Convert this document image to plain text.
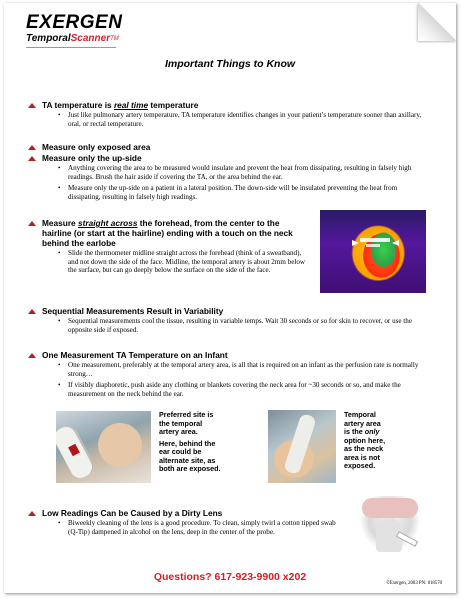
EXERGEN
TemporalScanner™
Important Things to Know
TA temperature is real time temperature
• Just like pulmonary artery temperature, TA temperature identifies changes in your patient’s temperature sooner than axillary, oral, or rectal temperature.
Measure only exposed area
Measure only the up-side
• Anything covering the area to be measured would insulate and prevent the heat from dissipating, resulting in falsely high readings. Brush the hair aside if covering the TA, or the area behind the ear.
• Measure only the up-side on a patient in a lateral position. The down-side will be insulated preventing the heat from dissipating, resulting in falsely high readings.
Measure straight across the forehead, from the center to the hairline (or start at the hairline) ending with a touch on the neck behind the earlobe
• Slide the thermometer midline straight across the forehead (think of a sweatband), and not down the side of the face. Midline, the temporal artery is about 2mm below the surface, but can go deeply below the surface on the side of the face.
Sequential Measurements Result in Variability
• Sequential measurements cool the tissue, resulting in variable temps. Wait 30 seconds or so for skin to recover, or use the opposite side if exposed.
One Measurement TA Temperature on an Infant
• One measurement, preferably at the temporal artery area, is all that is required on an infant as the perfusion rate is normally strong…
• If visibly diaphoretic, push aside any clothing or blankets covering the neck area for ~30 seconds or so, and make the measurement on the neck behind the ear.
Preferred site is
the temporal
artery area.
Here, behind the
ear could be
alternate site, as
both are exposed.
Temporal
artery area
is the only
option here,
as the neck
area is not
exposed.
Low Readings Can be Caused by a Dirty Lens
• Biweekly cleaning of the lens is a good procedure. To clean, simply twirl a cotton tipped swab (Q-Tip) dampened in alcohol on the lens, deep in the center of the probe.
Questions? 617-923-9900 x202
©Exergen, 2003 PN: 818570
